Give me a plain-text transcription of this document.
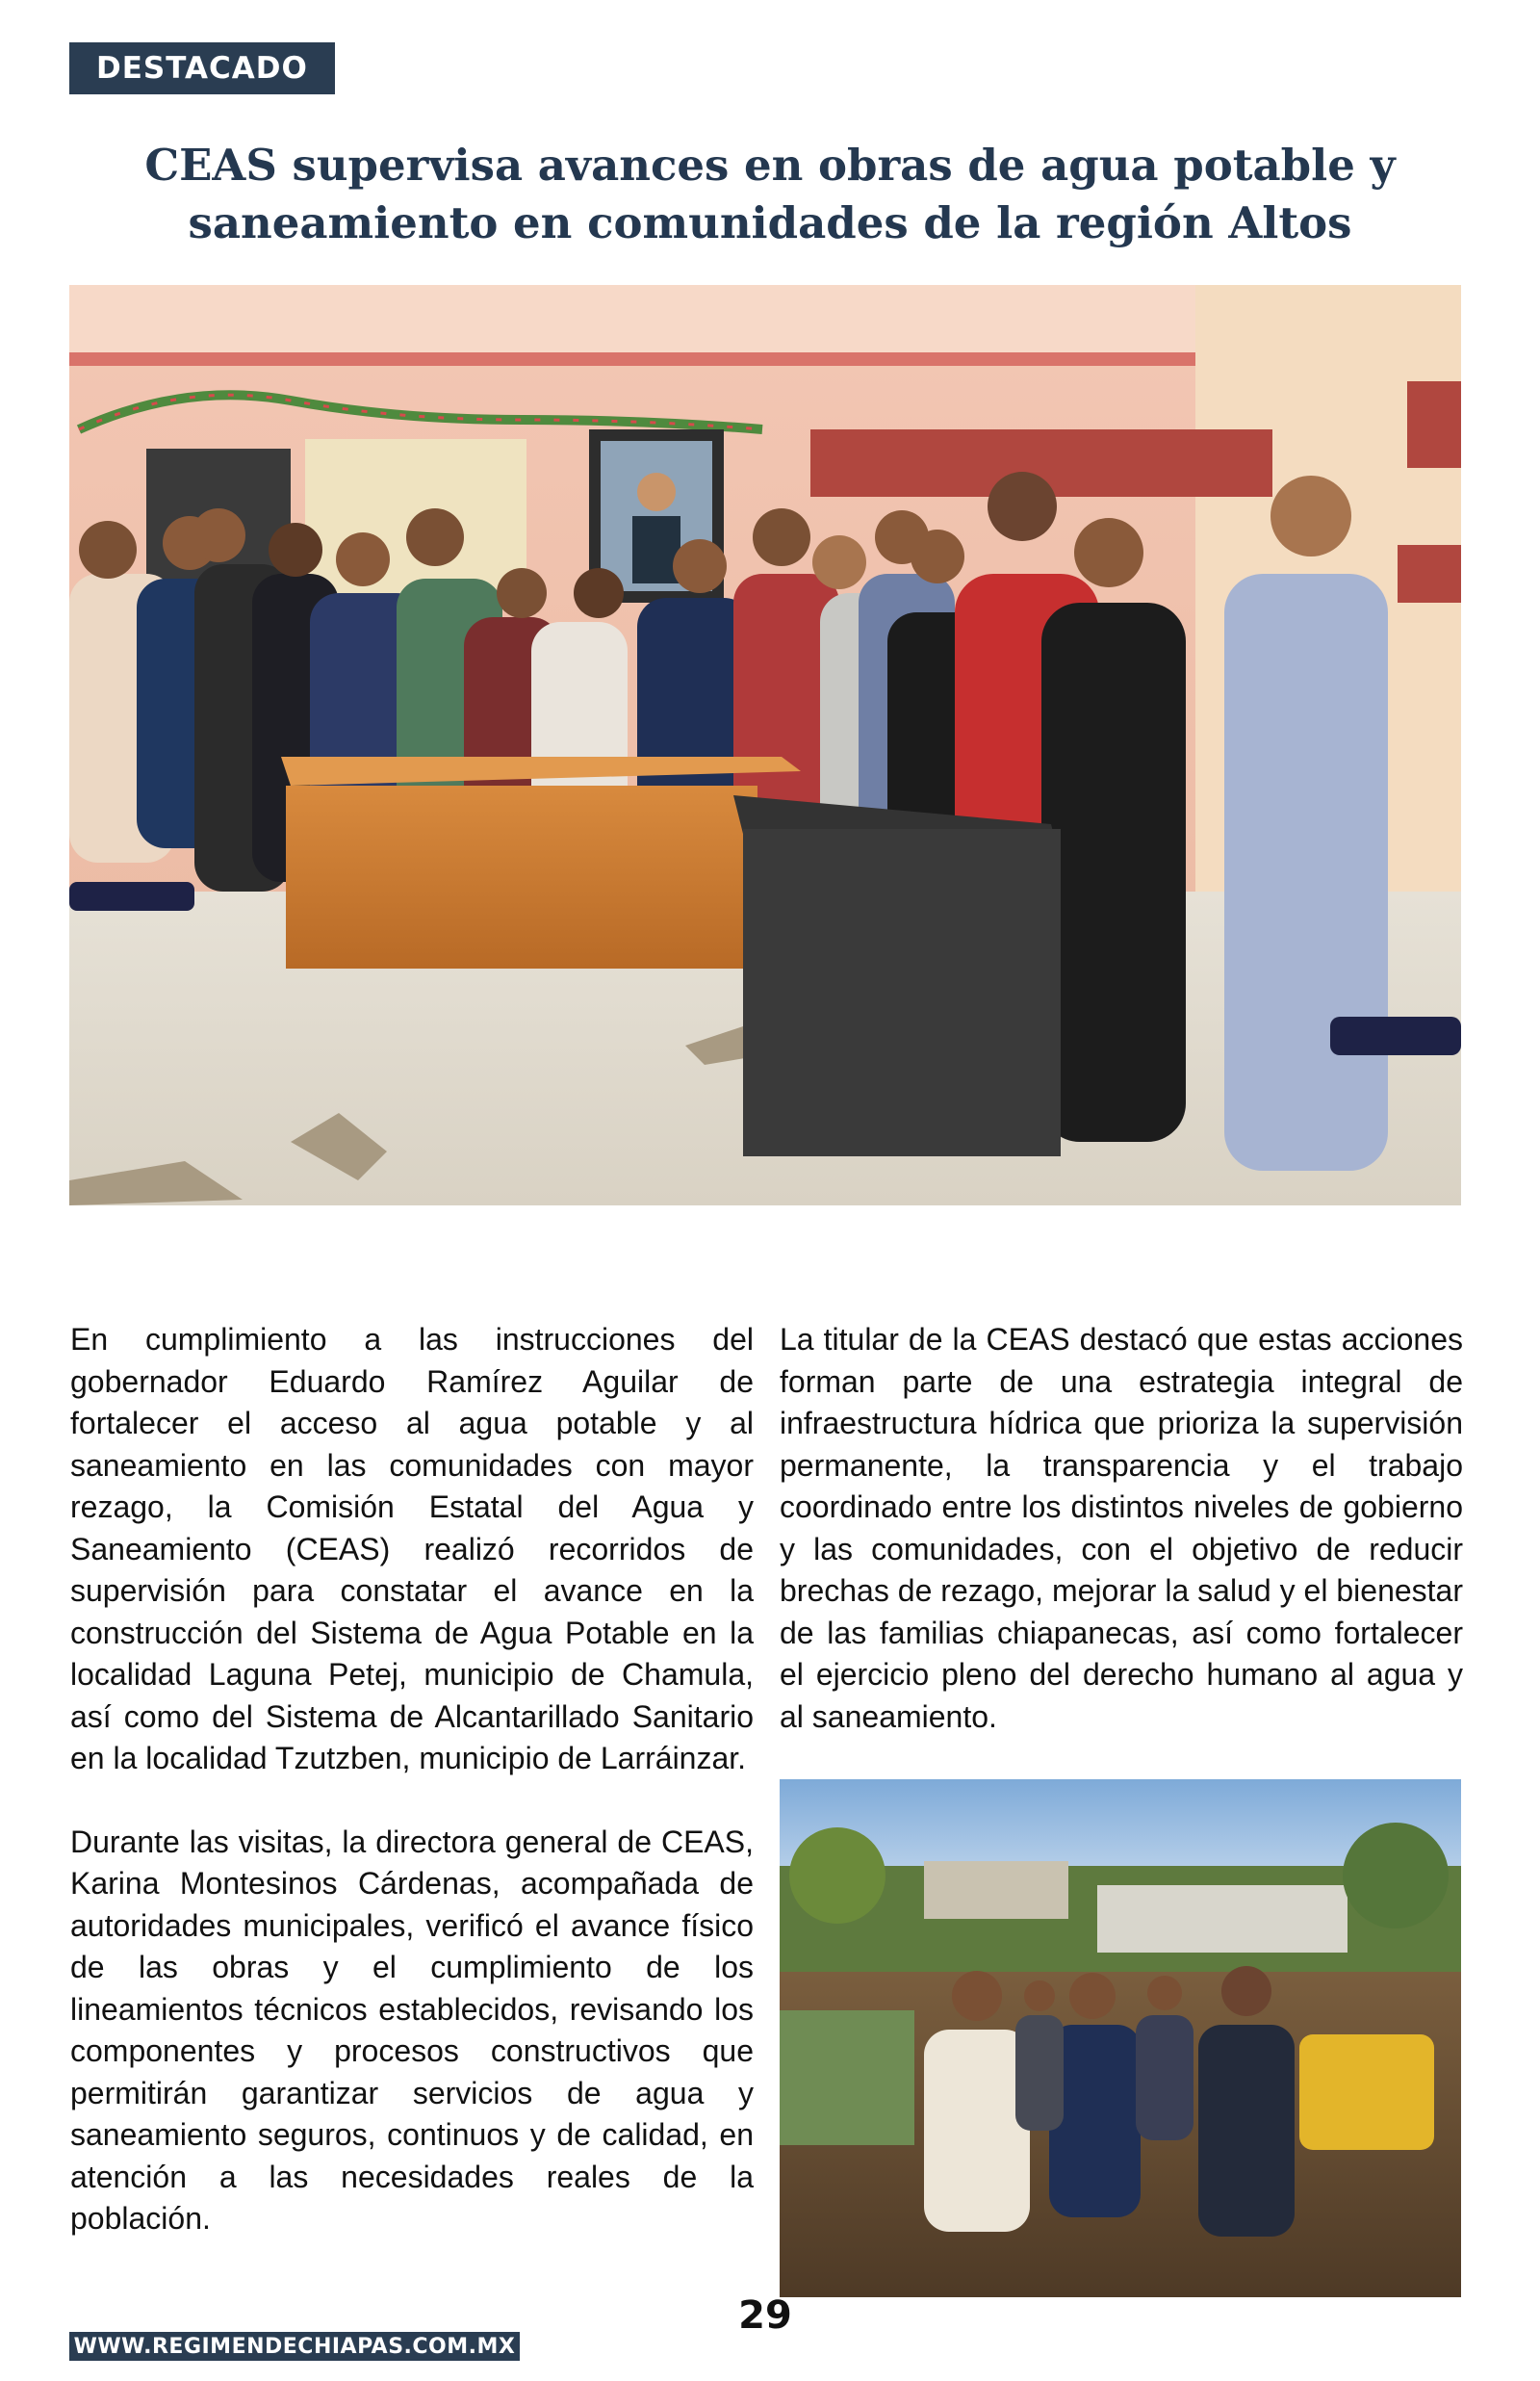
DESTACADO
CEAS supervisa avances en obras de agua potable y
saneamiento en comunidades de la región Altos

En cumplimiento a las instrucciones del gobernador Eduardo Ramírez Aguilar de fortalecer el acceso al agua potable y al saneamiento en las comunidades con mayor rezago, la Comisión Estatal del Agua y Saneamiento (CEAS) realizó recorridos de supervisión para constatar el avance en la construcción del Sistema de Agua Potable en la localidad Laguna Petej, municipio de Chamula, así como del Sistema de Alcantarillado Sanitario en la localidad Tzutzben, municipio de Larráinzar.

Durante las visitas, la directora general de CEAS, Karina Montesinos Cárdenas, acompañada de autoridades municipales, verificó el avance físico de las obras y el cumplimiento de los lineamientos técnicos establecidos, revisando los componentes y procesos constructivos que permitirán garantizar servicios de agua y saneamiento seguros, continuos y de calidad, en atención a las necesidades reales de la población.

La titular de la CEAS destacó que estas acciones forman parte de una estrategia integral de infraestructura hídrica que prioriza la supervisión permanente, la transparencia y el trabajo coordinado entre los distintos niveles de gobierno y las comunidades, con el objetivo de reducir brechas de rezago, mejorar la salud y el bienestar de las familias chiapanecas, así como fortalecer el ejercicio pleno del derecho humano al agua y al saneamiento.

29
WWW.REGIMENDECHIAPAS.COM.MX
